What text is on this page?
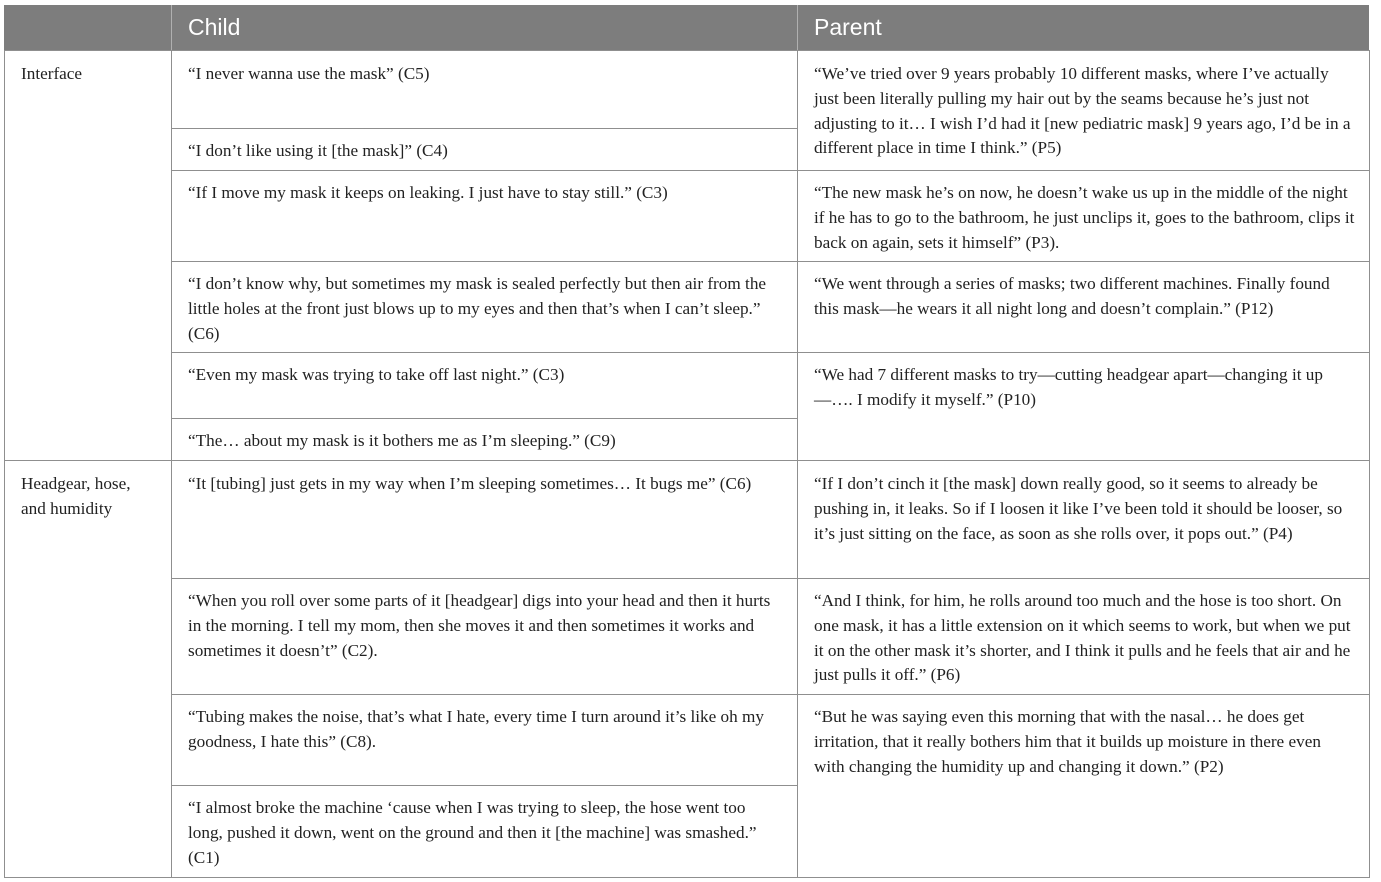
Child	Parent
Interface
Headgear, hose, and humidity
“I never wanna use the mask” (C5)
“I don’t like using it [the mask]” (C4)
“If I move my mask it keeps on leaking. I just have to stay still.” (C3)
“I don’t know why, but sometimes my mask is sealed perfectly but then air from the little holes at the front just blows up to my eyes and then that’s when I can’t sleep.” (C6)
“Even my mask was trying to take off last night.” (C3)
“The… about my mask is it bothers me as I’m sleeping.” (C9)
“It [tubing] just gets in my way when I’m sleeping sometimes… It bugs me” (C6)
“When you roll over some parts of it [headgear] digs into your head and then it hurts in the morning. I tell my mom, then she moves it and then sometimes it works and sometimes it doesn’t” (C2).
“Tubing makes the noise, that’s what I hate, every time I turn around it’s like oh my goodness, I hate this” (C8).
“I almost broke the machine ‘cause when I was trying to sleep, the hose went too long, pushed it down, went on the ground and then it [the machine] was smashed.” (C1)
“We’ve tried over 9 years probably 10 different masks, where I’ve actually just been literally pulling my hair out by the seams because he’s just not adjusting to it… I wish I’d had it [new pediatric mask] 9 years ago, I’d be in a different place in time I think.” (P5)
“The new mask he’s on now, he doesn’t wake us up in the middle of the night if he has to go to the bathroom, he just unclips it, goes to the bathroom, clips it back on again, sets it himself” (P3).
“We went through a series of masks; two different machines. Finally found this mask—he wears it all night long and doesn’t complain.” (P12)
“We had 7 different masks to try—cutting headgear apart—changing it up—…. I modify it myself.” (P10)
“If I don’t cinch it [the mask] down really good, so it seems to already be pushing in, it leaks. So if I loosen it like I’ve been told it should be looser, so it’s just sitting on the face, as soon as she rolls over, it pops out.” (P4)
“And I think, for him, he rolls around too much and the hose is too short. On one mask, it has a little extension on it which seems to work, but when we put it on the other mask it’s shorter, and I think it pulls and he feels that air and he just pulls it off.” (P6)
“But he was saying even this morning that with the nasal… he does get irritation, that it really bothers him that it builds up moisture in there even with changing the humidity up and changing it down.” (P2)
